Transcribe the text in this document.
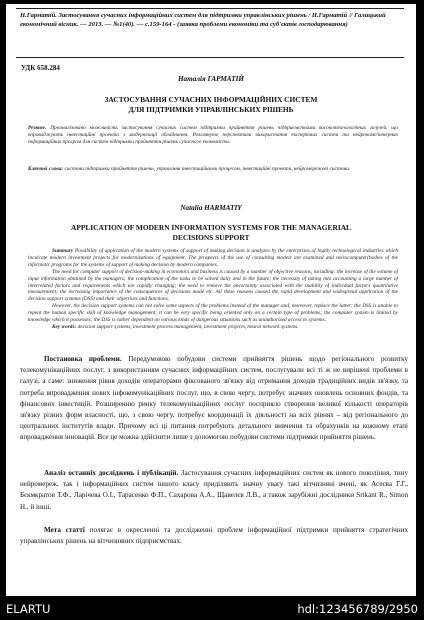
Н.Гарматій. Застосування сучасних інформаційних систем для підтримки управлінських рішень / Н.Гарматій // Галицький економічний вісник. — 2013. — №1(40). — с.159-164 - (заявка проблеми економіки та суб'єктів господарювання)
УДК 658.284
Наталія ГАРМАТІЙ
ЗАСТОСУВАННЯ СУЧАСНИХ ІНФОРМАЦІЙНИХ СИСТЕМ
ДЛЯ ПІДТРИМКИ УПРАВЛІНСЬКИХ РІШЕНЬ
Резюме. Проаналізовано можливість застосування сучасних систем підтримки прийняття рішень підприємствами високотехнологічних галузей, що впроваджують інвестиційні проекти з модернізації обладнання. Розглянуто перспективи використання експертних систем та нейрокомп'ютерних інформаційних програм для систем підтримки прийняття рішень сучасного економіста.
Ключові слова: системи підтримки прийняття рішень, управління інвестиційними процесом, інвестиційні проекти, нейромережеві системи.
Natalia HARMATIY
APPLICATION OF MODERN INFORMATION SYSTEMS FOR THE MANAGERIAL
DECISIONS SUPPORT
Summary Possibility of application of the modern systems of support of making decision is analyzes by the enterprises of highly technological industries which inculcate modern investment projects for modernizations of equipment. The prospects of the use of consulting models are examined and neirocomputer(bodies of the informatic programs for the systems of support of making decision by modern companies.
The need for computer support of decision-making in economics and business is caused by a number of objective reasons, including: the increase of the volume of input information obtained by the managers; the complication of the tasks to be solved daily and in the future; the necessity of taking into accounting a large number of interrelated factors and requirements which are rapidly changing; the need to remove the uncertainty associated with the inability of individual factors quantitative measurement; the increasing importance of the consequences of decisions made etc. All these reasons caused the rapid development and widespread application of the decision support systems (DSS) and their objectives and functions.
However, the decision support systems can not solve some aspects of the problems instead of the manager and, moreover, replace the latter: the DSS is unable to repeat the human specific skill of knowledge management; it can be very specific being oriented only on a certain type of problems; the computer system is limited by knowledge which it possesses; the DSS is rather dependent on various kinds of dangerous situations such as unauthorized access to systems.
Key words: decision support systems, investment process management, investment projects, neural network systems.
Постановка проблеми. Передумовою побудови системи прийняття рішень щодо регіонального розвитку телекомунікаційних послуг, з використанням сучасних інформаційних систем, послугували всі ті ж не вирішені проблеми в галузі, а саме: зниження рівня доходів операторами фіксованого зв'язку від отримання доходів традиційних видів зв'язку, та потреба впровадження нових інфокомунікаційних послуг, що, в свою чергу, потребує значних оновлень основних фондів, та фінансових інвестицій. Розширенню ринку телекомунікаційних послуг посприяло створення великої кількості операторів зв'язку різних форм власності, що, з свою чергу, потребує координації їх діяльності на всіх рівнях – від регіонального до центральних інститутів влади. Причому всі ці питання потребують детального вивчення та обрахунків на кожному етапі впровадження інновацій. Все це можна здійснити лише з допомогою побудови системи підтримки прийняття рішень.
Аналіз останніх досліджень і публікацій. Застосування сучасних інформаційних систем як нового покоління, тину нейромереж, так і інформаційних систем іншого класу приділяють значну увагу такі вітчизняні вчені, як Асеєва Г.Г., Бєкмкратов Т.Ф., Ларічева О.І., Тарасенко Ф.П., Сахарова А.А., Щавелєв Л.В., а також зарубіжні дослідники Srikant R., Simon H., й інші.
Мета статті полягає в окресленні та дослідженні проблем інформаційної підтримки прийняття стратегічних управлінських рішень на вітчизняних підприємствах.
ELARTU	hdl:123456789/2950
